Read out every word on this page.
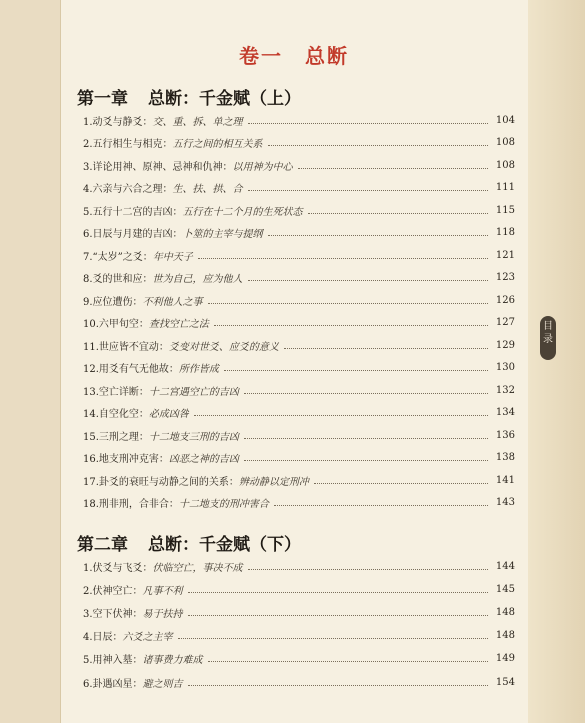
目
录
卷一　总断
第一章 总断：千金赋（上）
1.动爻与静爻： 交、重、拆、单之理	104
2.五行相生与相克： 五行之间的相互关系	108
3.详论用神、原神、忌神和仇神： 以用神为中心	108
4.六亲与六合之理： 生、扶、拱、合	111
5.五行十二宫的吉凶： 五行在十二个月的生死状态	115
6.日辰与月建的吉凶： 卜筮的主宰与提纲	118
7.“太岁”之爻： 年中天子	121
8.爻的世和应： 世为自己，应为他人	123
9.应位遭伤： 不利他人之事	126
10.六甲旬空： 查找空亡之法	127
11.世应皆不宜动： 爻变对世爻、应爻的意义	129
12.用爻有气无他故： 所作皆成	130
13.空亡详断： 十二宫遇空亡的吉凶	132
14.自空化空： 必成凶咎	134
15.三刑之理： 十二地支三刑的吉凶	136
16.地支刑冲克害： 凶恶之神的吉凶	138
17.卦爻的衰旺与动静之间的关系： 辨动静以定刑冲	141
18.刑非刑，合非合： 十二地支的刑冲害合	143
第二章 总断：千金赋（下）
1.伏爻与飞爻： 伏临空亡，事决不成	144
2.伏神空亡： 凡事不利	145
3.空下伏神： 易于扶持	148
4.日辰： 六爻之主宰	148
5.用神入墓： 诸事费力难成	149
6.卦遇凶星： 避之则吉	154
